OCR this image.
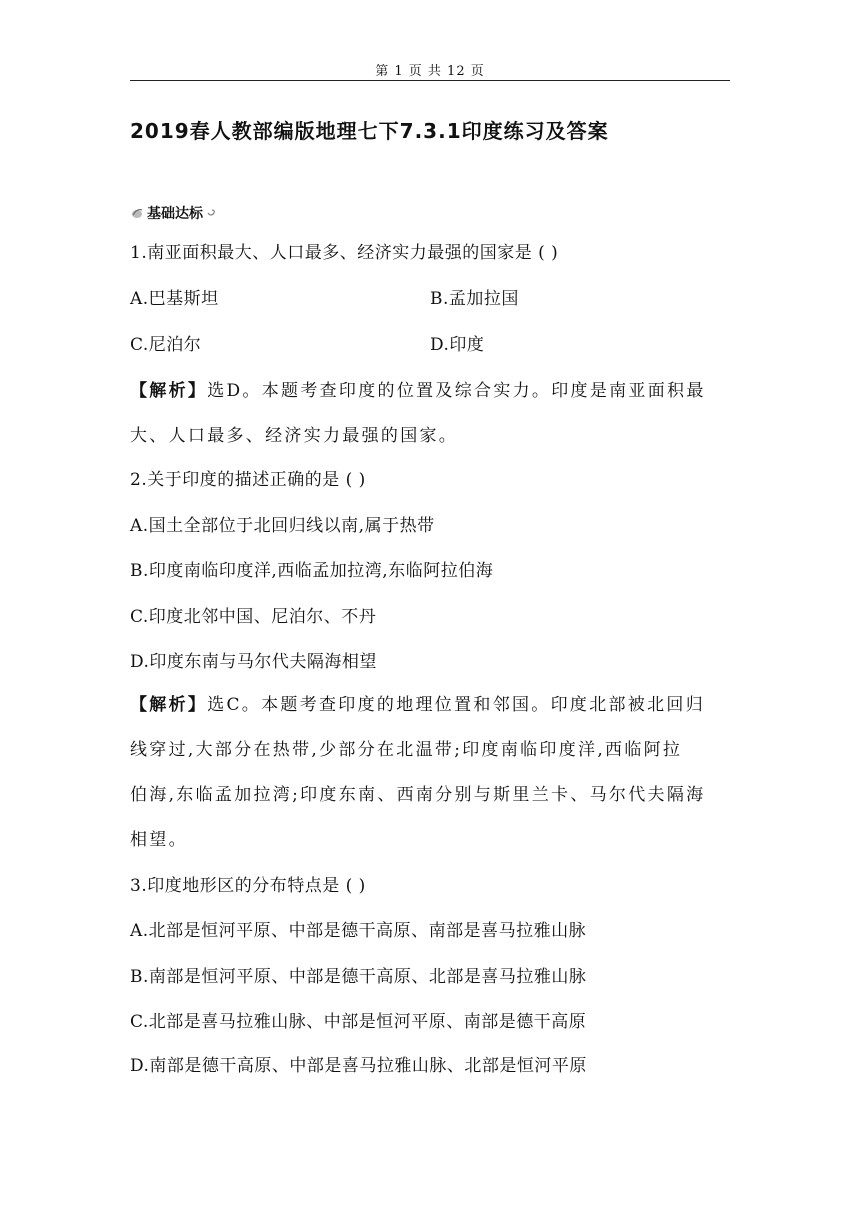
第 1 页 共 12 页
2019春人教部编版地理七下7.3.1印度练习及答案
基础达标
1.南亚面积最大、人口最多、经济实力最强的国家是 ( )
A.巴基斯坦	B.孟加拉国
C.尼泊尔	D.印度
【解析】选D。本题考查印度的位置及综合实力。印度是南亚面积最
大、人口最多、经济实力最强的国家。
2.关于印度的描述正确的是 ( )
A.国土全部位于北回归线以南,属于热带
B.印度南临印度洋,西临孟加拉湾,东临阿拉伯海
C.印度北邻中国、尼泊尔、不丹
D.印度东南与马尔代夫隔海相望
【解析】选C。本题考查印度的地理位置和邻国。印度北部被北回归
线穿过,大部分在热带,少部分在北温带;印度南临印度洋,西临阿拉
伯海,东临孟加拉湾;印度东南、西南分别与斯里兰卡、马尔代夫隔海
相望。
3.印度地形区的分布特点是 ( )
A.北部是恒河平原、中部是德干高原、南部是喜马拉雅山脉
B.南部是恒河平原、中部是德干高原、北部是喜马拉雅山脉
C.北部是喜马拉雅山脉、中部是恒河平原、南部是德干高原
D.南部是德干高原、中部是喜马拉雅山脉、北部是恒河平原
